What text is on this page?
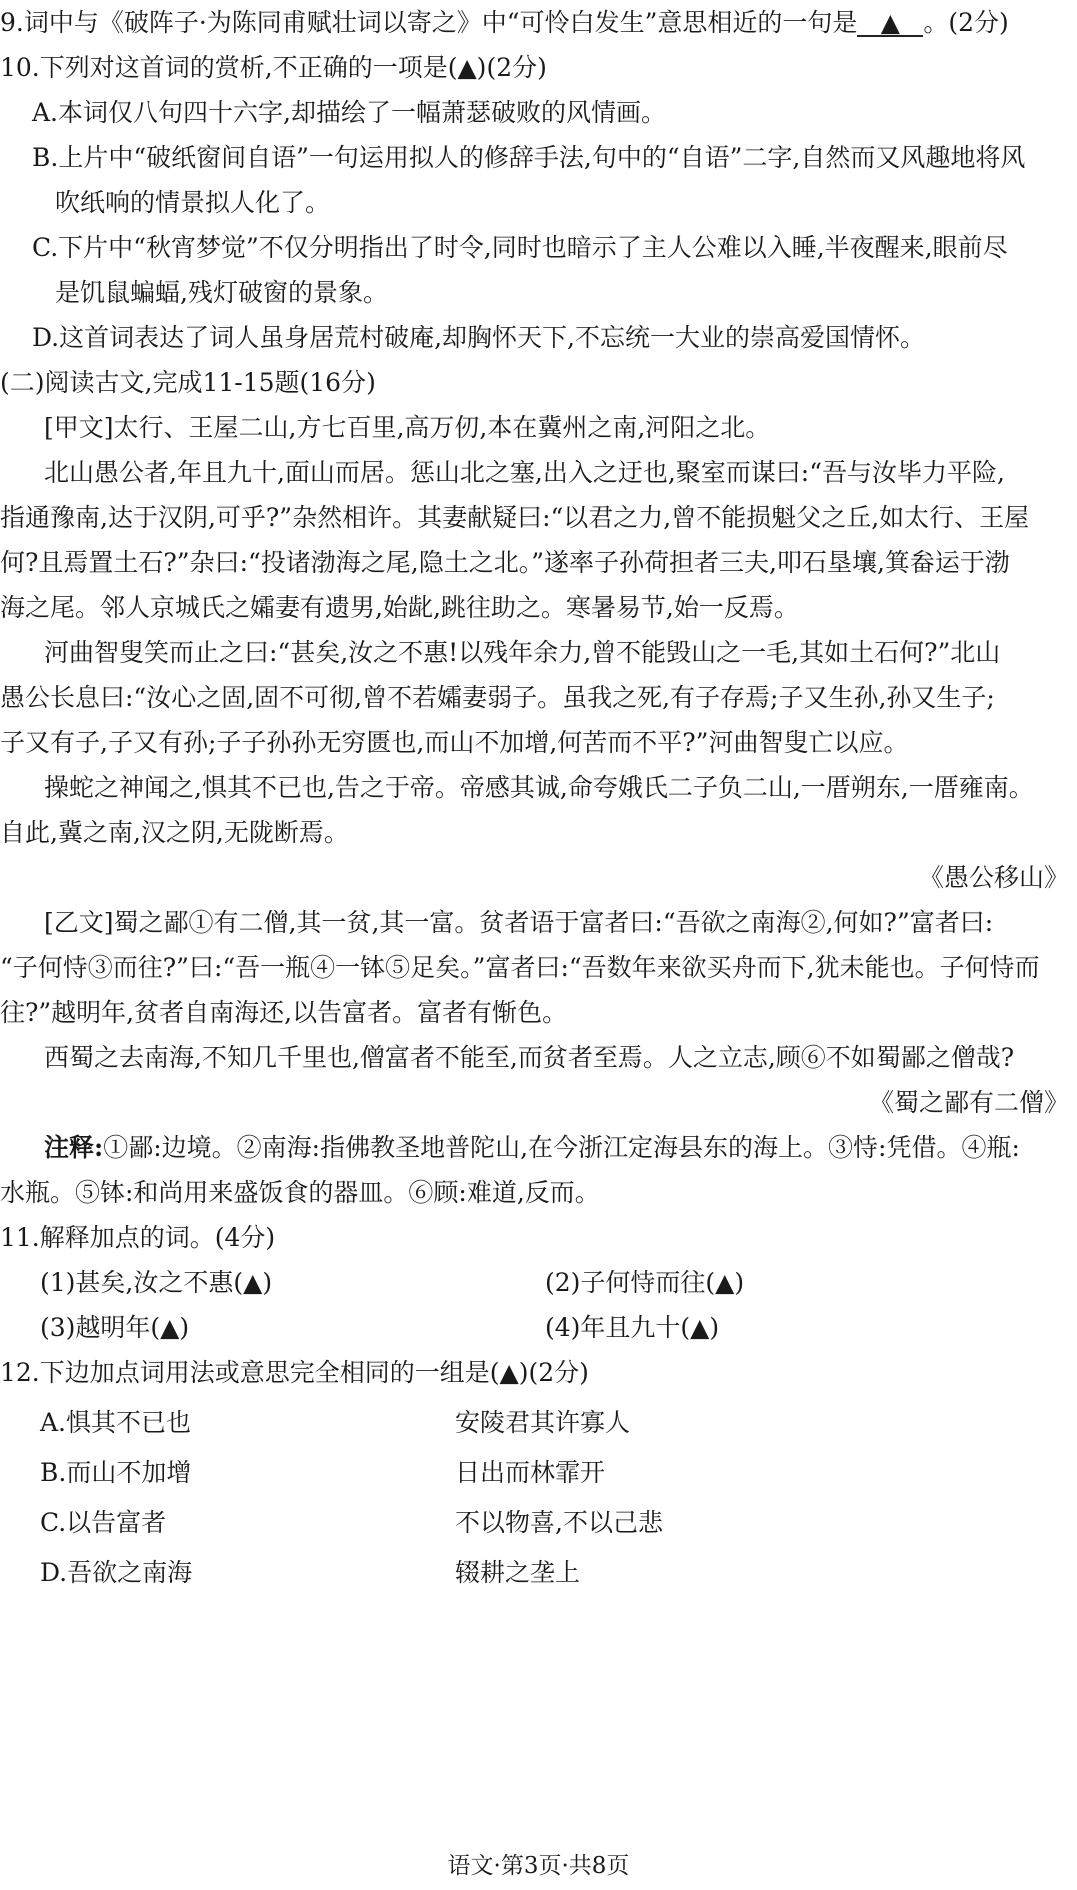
9.词中与《破阵子·为陈同甫赋壮词以寄之》中“可怜白发生”意思相近的一句是 ▲ 。(2分)
10.下列对这首词的赏析,不正确的一项是(▲)(2分)
A.本词仅八句四十六字,却描绘了一幅萧瑟破败的风情画。
B.上片中“破纸窗间自语”一句运用拟人的修辞手法,句中的“自语”二字,自然而又风趣地将风
吹纸响的情景拟人化了。
C.下片中“秋宵梦觉”不仅分明指出了时令,同时也暗示了主人公难以入睡,半夜醒来,眼前尽
是饥鼠蝙蝠,残灯破窗的景象。
D.这首词表达了词人虽身居荒村破庵,却胸怀天下,不忘统一大业的崇高爱国情怀。
(二)阅读古文,完成11-15题(16分)
[甲文]太行、王屋二山,方七百里,高万仞,本在冀州之南,河阳之北。
北山愚公者,年且九十,面山而居。惩山北之塞,出入之迂也,聚室而谋曰:“吾与汝毕力平险,
指通豫南,达于汉阴,可乎?”杂然相许。其妻献疑曰:“以君之力,曾不能损魁父之丘,如太行、王屋
何?且焉置土石?”杂曰:“投诸渤海之尾,隐土之北。”遂率子孙荷担者三夫,叩石垦壤,箕畚运于渤
海之尾。邻人京城氏之孀妻有遗男,始龀,跳往助之。寒暑易节,始一反焉。
河曲智叟笑而止之曰:“甚矣,汝之不惠!以残年余力,曾不能毁山之一毛,其如土石何?”北山
愚公长息曰:“汝心之固,固不可彻,曾不若孀妻弱子。虽我之死,有子存焉;子又生孙,孙又生子;
子又有子,子又有孙;子子孙孙无穷匮也,而山不加增,何苦而不平?”河曲智叟亡以应。
操蛇之神闻之,惧其不已也,告之于帝。帝感其诚,命夸娥氏二子负二山,一厝朔东,一厝雍南。
自此,冀之南,汉之阴,无陇断焉。
《愚公移山》
[乙文]蜀之鄙①有二僧,其一贫,其一富。贫者语于富者曰:“吾欲之南海②,何如?”富者曰:
“子何恃③而往?”曰:“吾一瓶④一钵⑤足矣。”富者曰:“吾数年来欲买舟而下,犹未能也。子何恃而
往?”越明年,贫者自南海还,以告富者。富者有惭色。
西蜀之去南海,不知几千里也,僧富者不能至,而贫者至焉。人之立志,顾⑥不如蜀鄙之僧哉?
《蜀之鄙有二僧》
注释:①鄙:边境。②南海:指佛教圣地普陀山,在今浙江定海县东的海上。③恃:凭借。④瓶:
水瓶。⑤钵:和尚用来盛饭食的器皿。⑥顾:难道,反而。
11.解释加点的词。(4分)
(1)甚矣,汝之不惠(▲)	(2)子何恃而往(▲)
(3)越明年(▲)	(4)年且九十(▲)
12.下边加点词用法或意思完全相同的一组是(▲)(2分)
A.惧其不已也	安陵君其许寡人
B.而山不加增	日出而林霏开
C.以告富者	不以物喜,不以己悲
D.吾欲之南海	辍耕之垄上
语文·第3页·共8页
